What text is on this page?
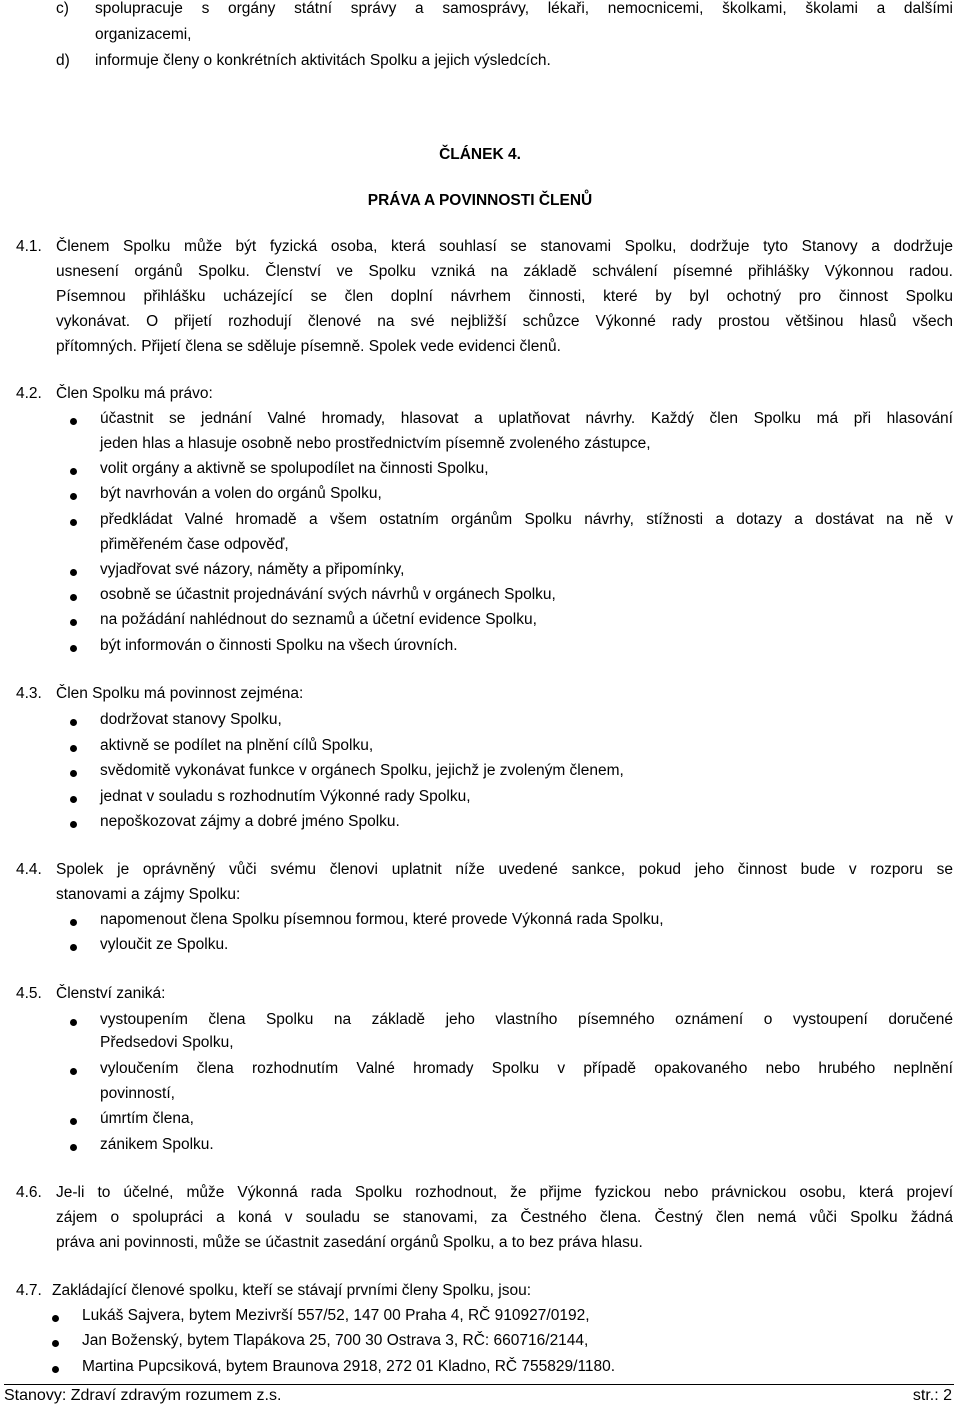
c) spolupracuje s orgány státní správy a samosprávy, lékaři, nemocnicemi, školkami, školami a dalšími
organizacemi,
d) informuje členy o konkrétních aktivitách Spolku a jejich výsledcích.
ČLÁNEK 4.
PRÁVA A POVINNOSTI ČLENŮ
4.1. Členem Spolku může být fyzická osoba, která souhlasí se stanovami Spolku, dodržuje tyto Stanovy a dodržuje
usnesení orgánů Spolku. Členství ve Spolku vzniká na základě schválení písemné přihlášky Výkonnou radou.
Písemnou přihlášku ucházející se člen doplní návrhem činnosti, které by byl ochotný pro činnost Spolku
vykonávat. O přijetí rozhodují členové na své nejbližší schůzce Výkonné rady prostou většinou hlasů všech
přítomných. Přijetí člena se sděluje písemně. Spolek vede evidenci členů.
4.2. Člen Spolku má právo:
účastnit se jednání Valné hromady, hlasovat a uplatňovat návrhy. Každý člen Spolku má při hlasování
jeden hlas a hlasuje osobně nebo prostřednictvím písemně zvoleného zástupce,
volit orgány a aktivně se spolupodílet na činnosti Spolku,
být navrhován a volen do orgánů Spolku,
předkládat Valné hromadě a všem ostatním orgánům Spolku návrhy, stížnosti a dotazy a dostávat na ně v
přiměřeném čase odpověď,
vyjadřovat své názory, náměty a připomínky,
osobně se účastnit projednávání svých návrhů v orgánech Spolku,
na požádání nahlédnout do seznamů a účetní evidence Spolku,
být informován o činnosti Spolku na všech úrovních.
4.3. Člen Spolku má povinnost zejména:
dodržovat stanovy Spolku,
aktivně se podílet na plnění cílů Spolku,
svědomitě vykonávat funkce v orgánech Spolku, jejichž je zvoleným členem,
jednat v souladu s rozhodnutím Výkonné rady Spolku,
nepoškozovat zájmy a dobré jméno Spolku.
4.4. Spolek je oprávněný vůči svému členovi uplatnit níže uvedené sankce, pokud jeho činnost bude v rozporu se
stanovami a zájmy Spolku:
napomenout člena Spolku písemnou formou, které provede Výkonná rada Spolku,
vyloučit ze Spolku.
4.5. Členství zaniká:
vystoupením člena Spolku na základě jeho vlastního písemného oznámení o vystoupení doručené
Předsedovi Spolku,
vyloučením člena rozhodnutím Valné hromady Spolku v případě opakovaného nebo hrubého neplnění
povinností,
úmrtím člena,
zánikem Spolku.
4.6. Je-li to účelné, může Výkonná rada Spolku rozhodnout, že přijme fyzickou nebo právnickou osobu, která projeví
zájem o spolupráci a koná v souladu se stanovami, za Čestného člena. Čestný člen nemá vůči Spolku žádná
práva ani povinnosti, může se účastnit zasedání orgánů Spolku, a to bez práva hlasu.
4.7. Zakládající členové spolku, kteří se stávají prvními členy Spolku, jsou:
Lukáš Sajvera, bytem Mezivrší 557/52, 147 00 Praha 4, RČ 910927/0192,
Jan Boženský, bytem Tlapákova 25, 700 30 Ostrava 3, RČ: 660716/2144,
Martina Pupcsiková, bytem Braunova 2918, 272 01 Kladno, RČ 755829/1180.
Stanovy: Zdraví zdravým rozumem z.s.	str.: 2
